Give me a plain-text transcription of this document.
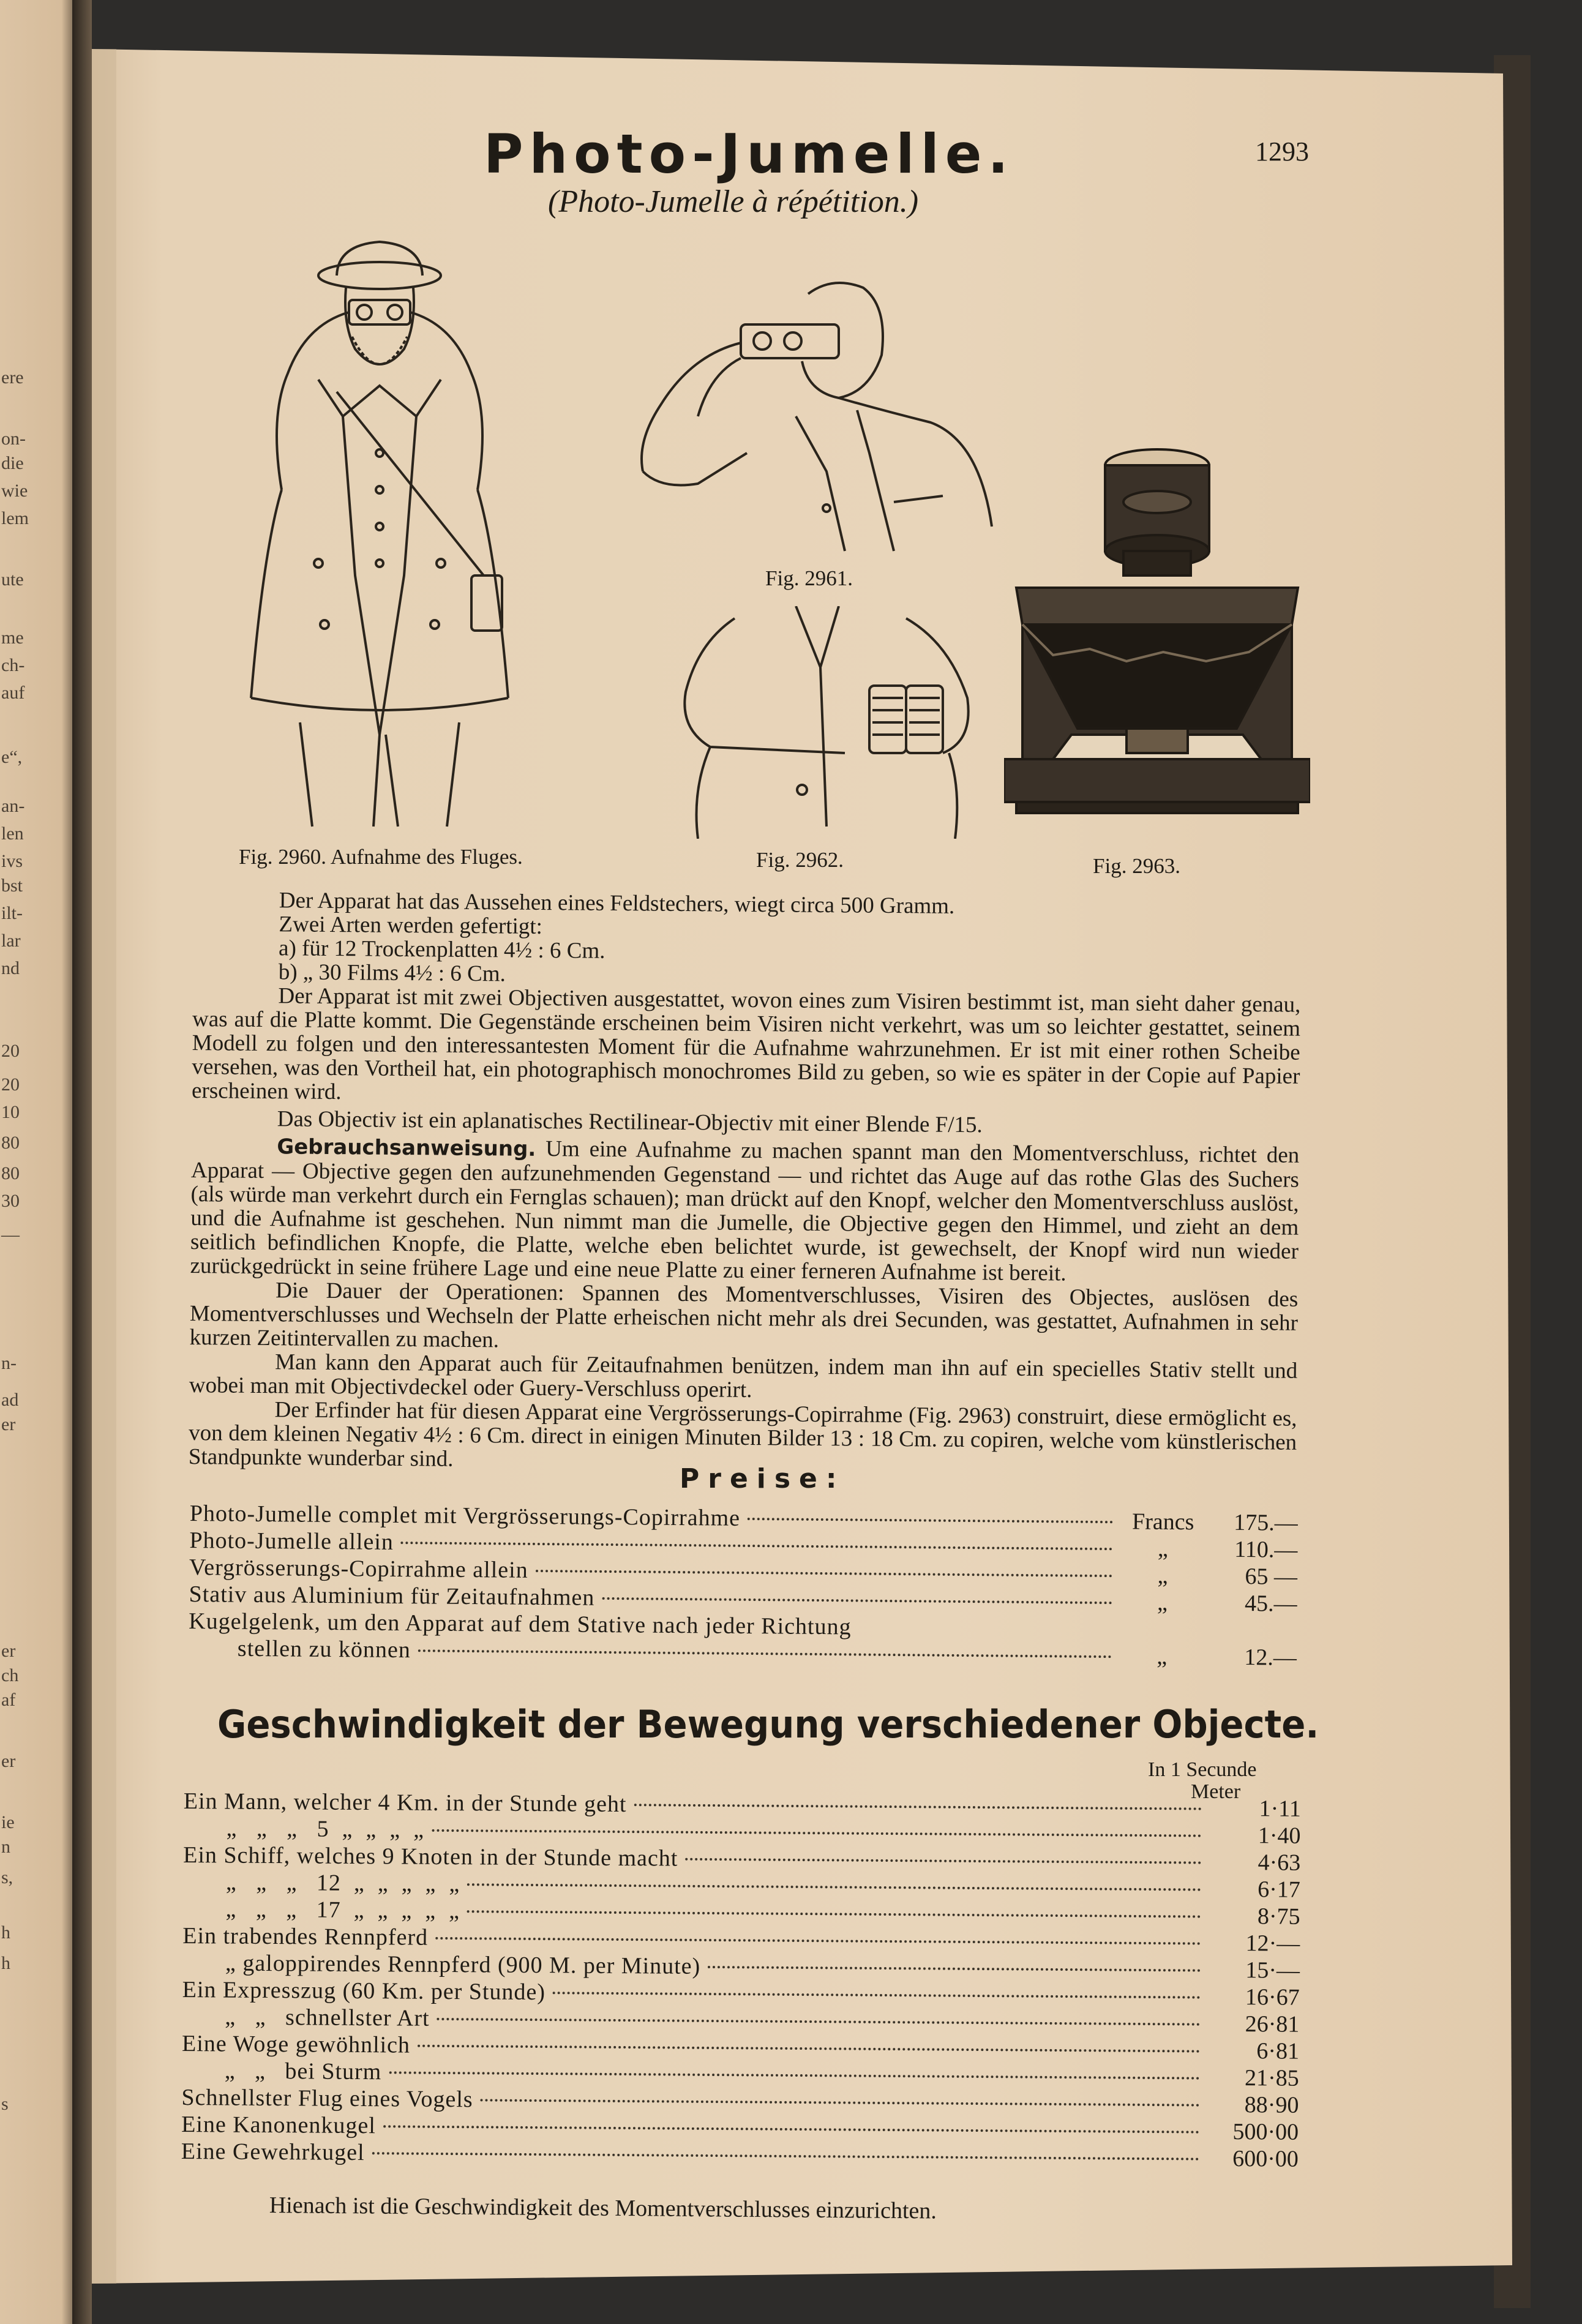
ere
on-
die
wie
lem
ute
me
ch-
auf
e“,
an-
len
ivs
bst
ilt-
lar
nd
20
20
10
80
80
30
—
n-
ad
er
er
ch
af
er
ie
n
s,
h
h
s
Photo-Jumelle.	1293
(Photo-Jumelle à répétition.)
Fig. 2960. Aufnahme des Fluges.
Fig. 2961.
Fig. 2962.	Fig. 2963.
Der Apparat hat das Aussehen eines Feldstechers, wiegt circa 500 Gramm.
Zwei Arten werden gefertigt:
a) für 12 Trockenplatten 4½ : 6 Cm.
b) „ 30 Films 4½ : 6 Cm.
Der Apparat ist mit zwei Objectiven ausgestattet, wovon eines zum Visiren bestimmt ist, man sieht daher genau, was auf die Platte kommt. Die Gegenstände erscheinen beim Visiren nicht verkehrt, was um so leichter gestattet, seinem Modell zu folgen und den interessantesten Moment für die Aufnahme wahrzunehmen. Er ist mit einer rothen Scheibe versehen, was den Vortheil hat, ein photographisch monochromes Bild zu geben, so wie es später in der Copie auf Papier erscheinen wird.
Das Objectiv ist ein aplanatisches Rectilinear-Objectiv mit einer Blende F/15.
Gebrauchsanweisung. Um eine Aufnahme zu machen spannt man den Momentverschluss, richtet den Apparat — Objective gegen den aufzunehmenden Gegenstand — und richtet das Auge auf das rothe Glas des Suchers (als würde man verkehrt durch ein Fernglas schauen); man drückt auf den Knopf, welcher den Momentverschluss auslöst, und die Aufnahme ist geschehen. Nun nimmt man die Jumelle, die Objective gegen den Himmel, und zieht an dem seitlich befindlichen Knopfe, die Platte, welche eben belichtet wurde, ist gewechselt, der Knopf wird nun wieder zurückgedrückt in seine frühere Lage und eine neue Platte zu einer ferneren Aufnahme ist bereit.
Die Dauer der Operationen: Spannen des Momentverschlusses, Visiren des Objectes, auslösen des Momentverschlusses und Wechseln der Platte erheischen nicht mehr als drei Secunden, was gestattet, Aufnahmen in sehr kurzen Zeitintervallen zu machen.
Man kann den Apparat auch für Zeitaufnahmen benützen, indem man ihn auf ein specielles Stativ stellt und wobei man mit Objectivdeckel oder Guery-Verschluss operirt.
Der Erfinder hat für diesen Apparat eine Vergrösserungs-Copirrahme (Fig. 2963) construirt, diese ermöglicht es, von dem kleinen Negativ 4½ : 6 Cm. direct in einigen Minuten Bilder 13 : 18 Cm. zu copiren, welche vom künstlerischen Standpunkte wunderbar sind.
Preise:
Photo-Jumelle complet mit Vergrösserungs-Copirrahme	Francs	175.—
Photo-Jumelle allein	„	110.—
Vergrösserungs-Copirrahme allein	„	65 —
Stativ aus Aluminium für Zeitaufnahmen	„	45.—
Kugelgelenk, um den Apparat auf dem Stative nach jeder Richtung
stellen zu können	„	12.—
Geschwindigkeit der Bewegung verschiedener Objecte.
In 1 Secunde
Meter
Ein Mann, welcher 4 Km. in der Stunde geht	1·11
„   „   „   5  „  „  „  „	1·40
Ein Schiff, welches 9 Knoten in der Stunde macht	4·63
„   „   „   12  „  „  „  „  „	6·17
„   „   „   17  „  „  „  „  „	8·75
Ein trabendes Rennpferd	12·—
„ galoppirendes Rennpferd (900 M. per Minute)	15·—
Ein Expresszug (60 Km. per Stunde)	16·67
„   „   schnellster Art	26·81
Eine Woge gewöhnlich	6·81
„   „   bei Sturm	21·85
Schnellster Flug eines Vogels	88·90
Eine Kanonenkugel	500·00
Eine Gewehrkugel	600·00
Hienach ist die Geschwindigkeit des Momentverschlusses einzurichten.
